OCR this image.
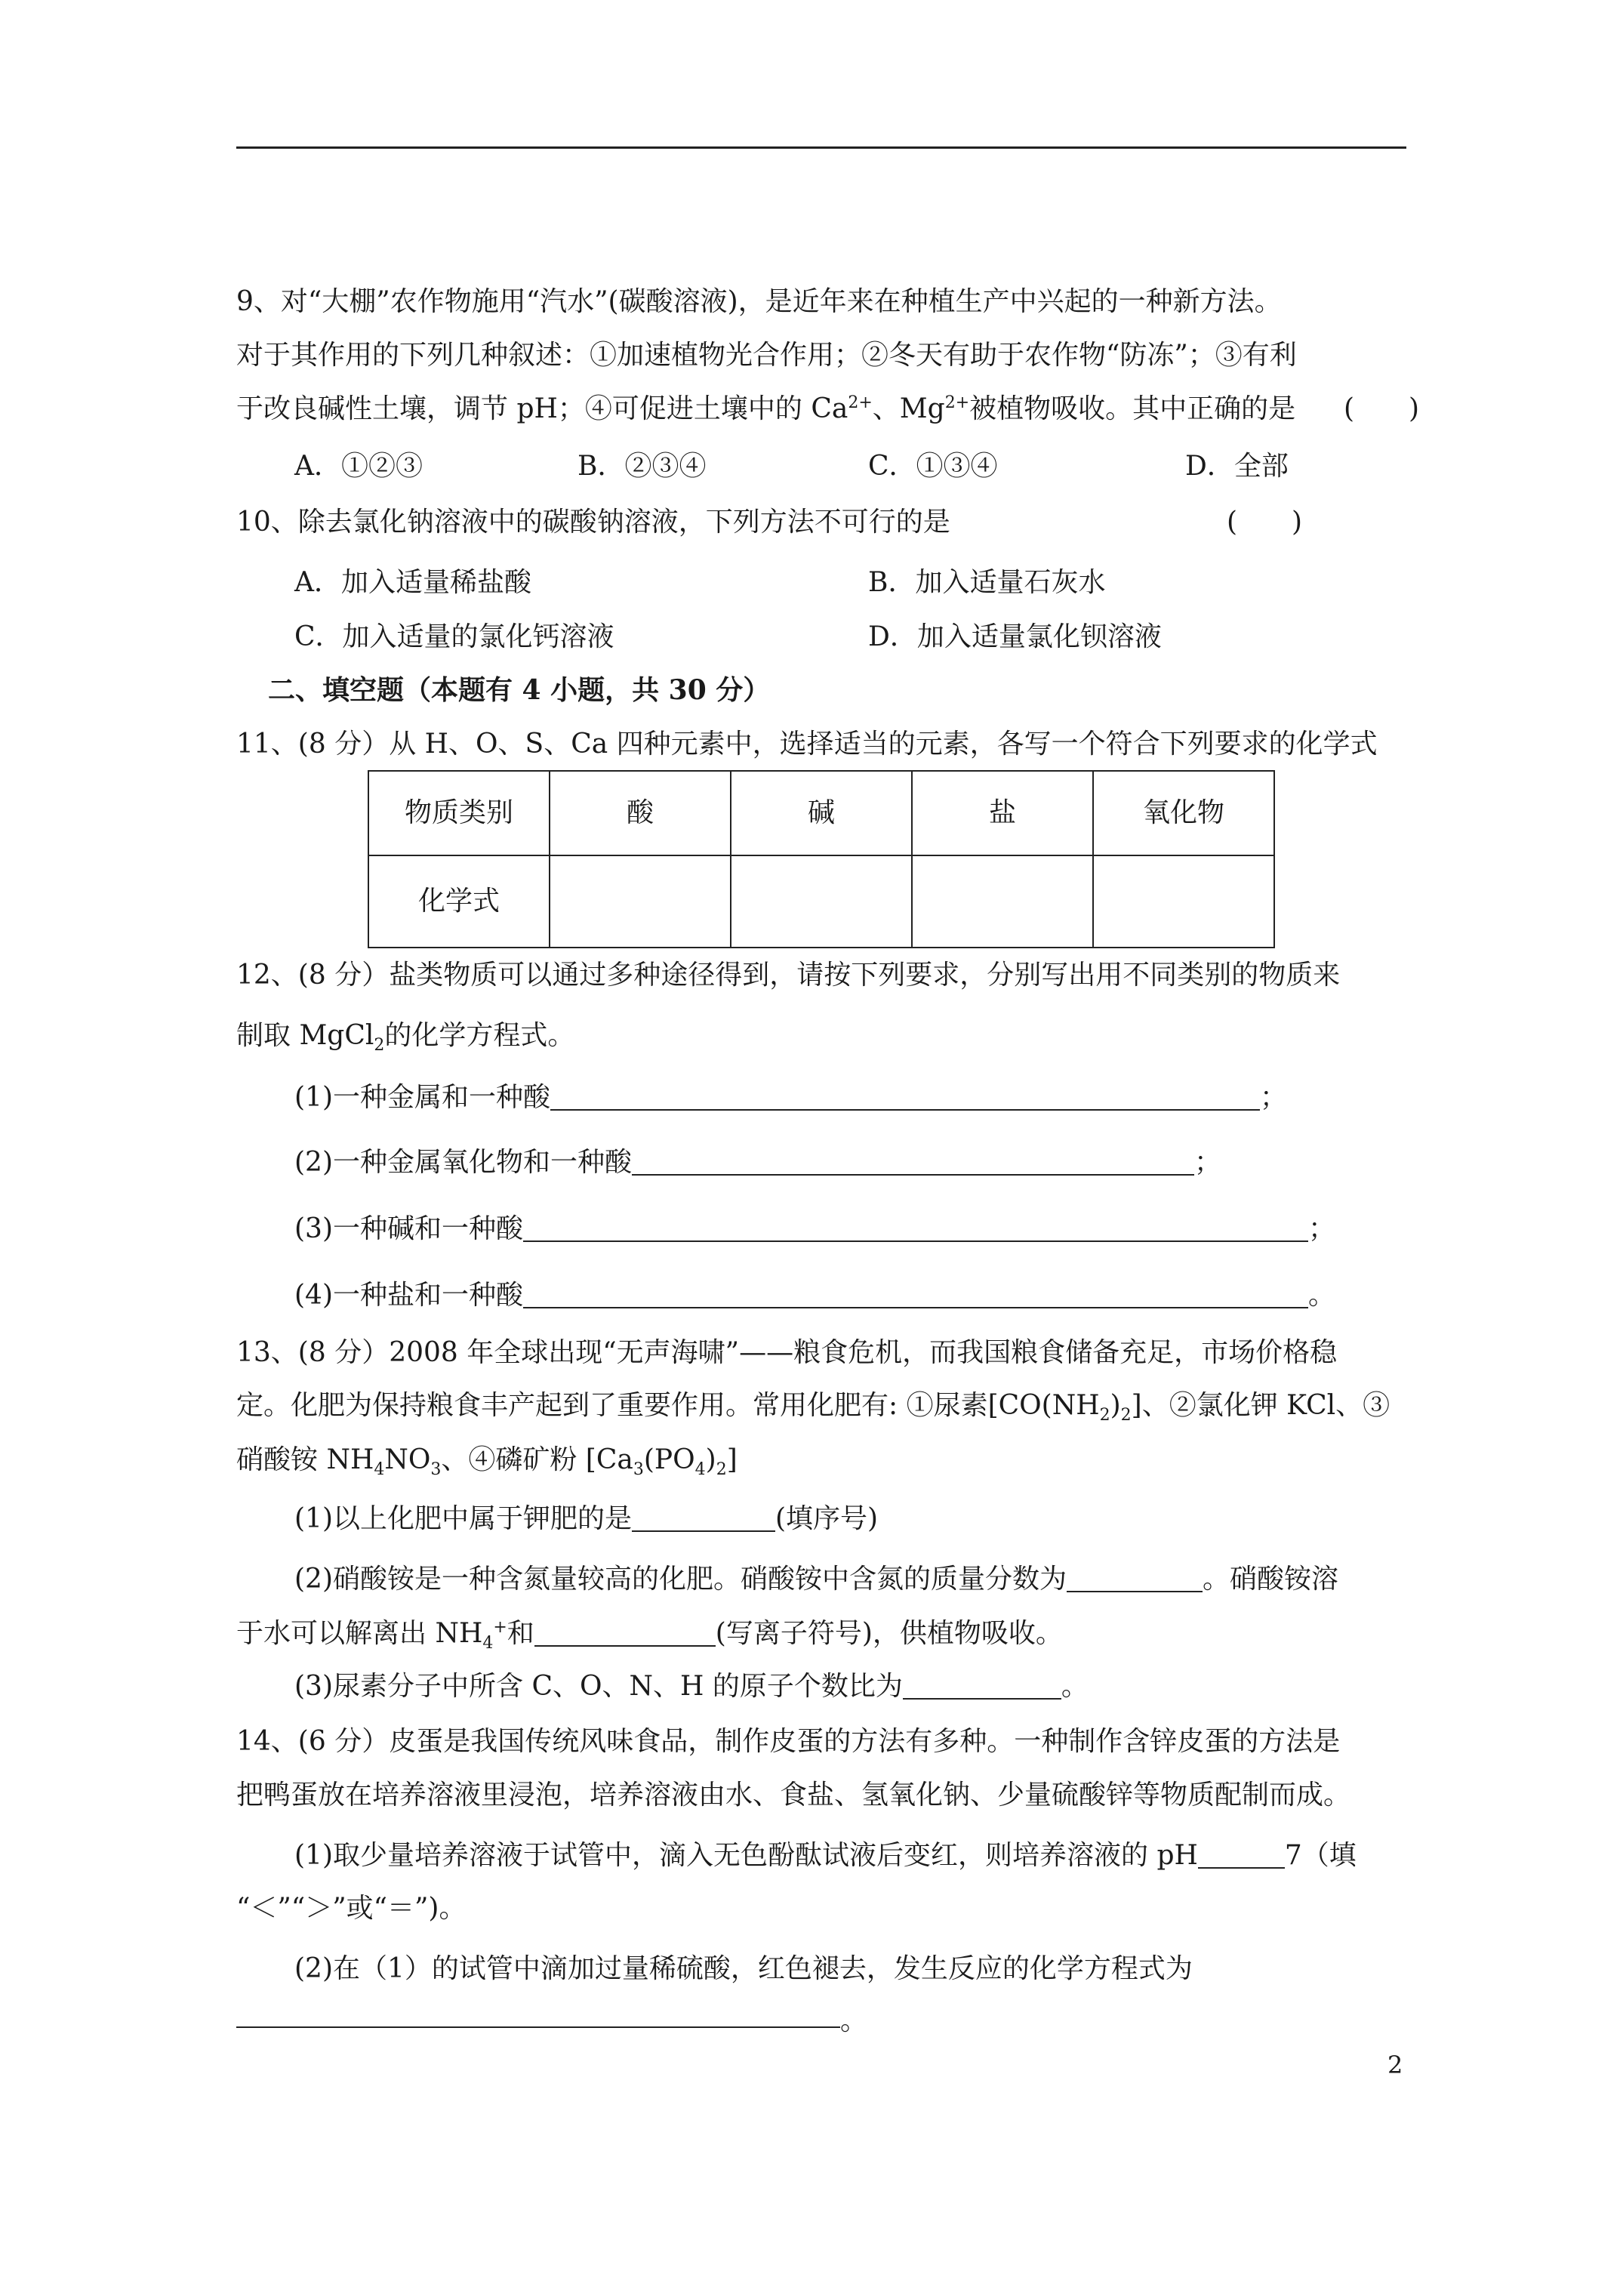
9、对“大棚”农作物施用“汽水”(碳酸溶液)，是近年来在种植生产中兴起的一种新方法。
对于其作用的下列几种叙述：①加速植物光合作用；②冬天有助于农作物“防冻”；③有利
于改良碱性土壤，调节 pH；④可促进土壤中的 $Ca^{2+}$、$Mg^{2+}$被植物吸收。其中正确的是 (　　)
A．①②③	B．②③④	C．①③④	D．全部
10、除去氯化钠溶液中的碳酸钠溶液，下列方法不可行的是	(　　)
A．加入适量稀盐酸	B．加入适量石灰水
C．加入适量的氯化钙溶液	D．加入适量氯化钡溶液
二、填空题（本题有 4 小题，共 30 分）
11、(8 分）从 H、O、S、Ca 四种元素中，选择适当的元素，各写一个符合下列要求的化学式
物质类别	酸	碱	盐	氧化物
化学式				
12、(8 分）盐类物质可以通过多种途径得到，请按下列要求，分别写出用不同类别的物质来
制取 MgCl$_2$的化学方程式。
(1)一种金属和一种酸	；
(2)一种金属氧化物和一种酸	；
(3)一种碱和一种酸	；
(4)一种盐和一种酸	。
13、(8 分）2008 年全球出现“无声海啸”——粮食危机，而我国粮食储备充足，市场价格稳
定。化肥为保持粮食丰产起到了重要作用。常用化肥有: ①尿素$[CO(NH_2)_2]$、②氯化钾 KCl、③
硝酸铵 $NH_4NO_3$、④磷矿粉 $[Ca_3(PO_4)_2]$
(1)以上化肥中属于钾肥的是	(填序号)
(2)硝酸铵是一种含氮量较高的化肥。硝酸铵中含氮的质量分数为	。硝酸铵溶
于水可以解离出 $NH_4^+$和	(写离子符号)，供植物吸收。
(3)尿素分子中所含 C、O、N、H 的原子个数比为	。
14、(6 分）皮蛋是我国传统风味食品，制作皮蛋的方法有多种。一种制作含锌皮蛋的方法是
把鸭蛋放在培养溶液里浸泡，培养溶液由水、食盐、氢氧化钠、少量硫酸锌等物质配制而成。
(1)取少量培养溶液于试管中，滴入无色酚酞试液后变红，则培养溶液的 pH	7（填
“＜”“＞”或“＝”)。
(2)在（1）的试管中滴加过量稀硫酸，红色褪去，发生反应的化学方程式为
。
2
